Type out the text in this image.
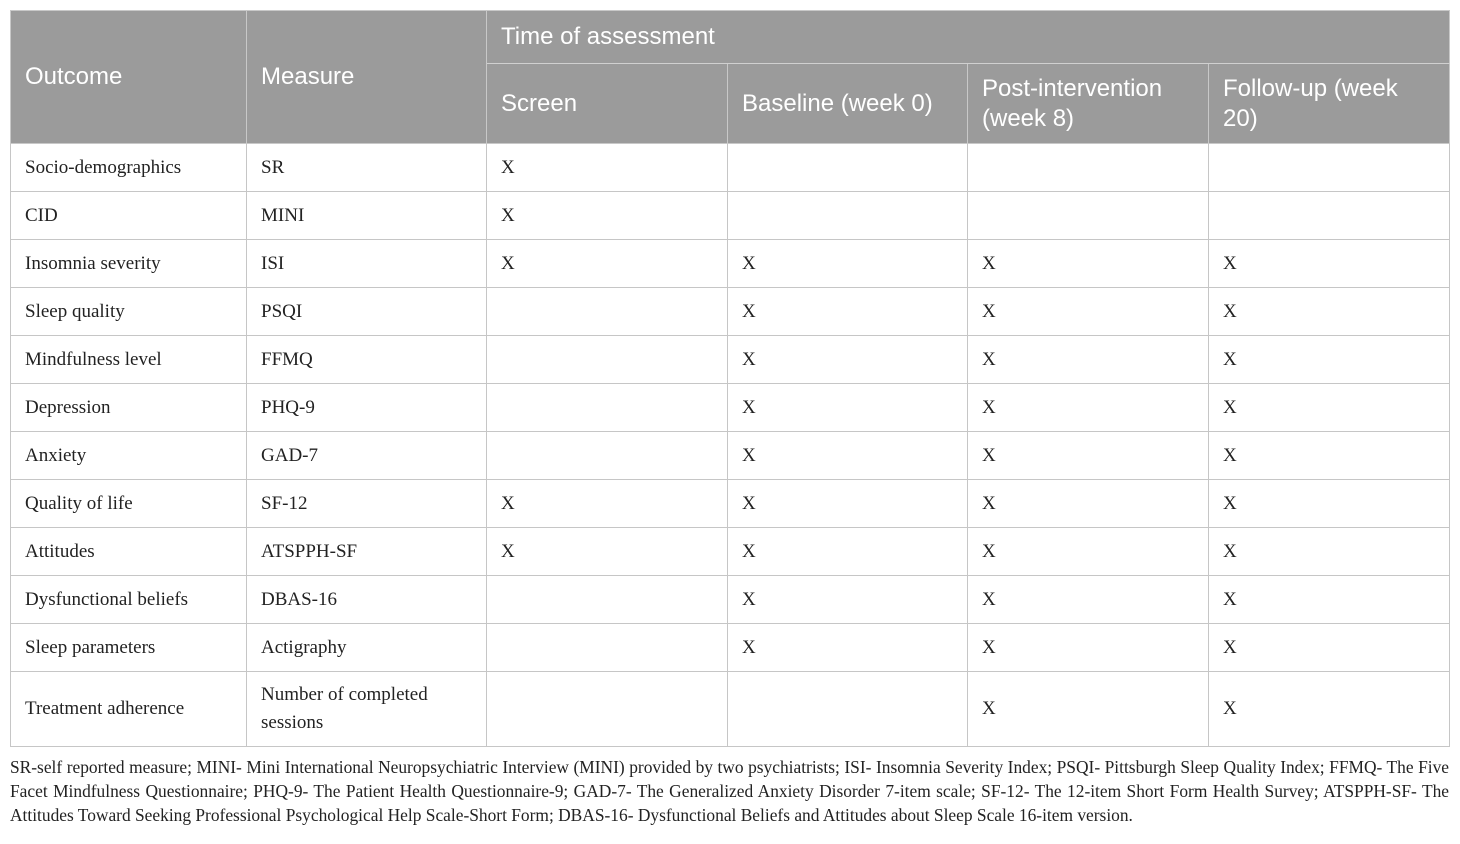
Outcome	Measure	Time of assessment			
		Screen	Baseline (week 0)	Post-intervention (week 8)	Follow-up (week 20)
Socio-demographics	SR	X			
CID	MINI	X			
Insomnia severity	ISI	X	X	X	X
Sleep quality	PSQI		X	X	X
Mindfulness level	FFMQ		X	X	X
Depression	PHQ-9		X	X	X
Anxiety	GAD-7		X	X	X
Quality of life	SF-12	X	X	X	X
Attitudes	ATSPPH-SF	X	X	X	X
Dysfunctional beliefs	DBAS-16		X	X	X
Sleep parameters	Actigraphy		X	X	X
Treatment adherence	Number of completed sessions			X	X

SR-self reported measure; MINI- Mini International Neuropsychiatric Interview (MINI) provided by two psychiatrists; ISI- Insomnia Severity Index; PSQI- Pittsburgh Sleep Quality Index; FFMQ- The Five Facet Mindfulness Questionnaire; PHQ-9- The Patient Health Questionnaire-9; GAD-7- The Generalized Anxiety Disorder 7-item scale; SF-12- The 12-item Short Form Health Survey; ATSPPH-SF- The Attitudes Toward Seeking Professional Psychological Help Scale-Short Form; DBAS-16- Dysfunctional Beliefs and Attitudes about Sleep Scale 16-item version.
